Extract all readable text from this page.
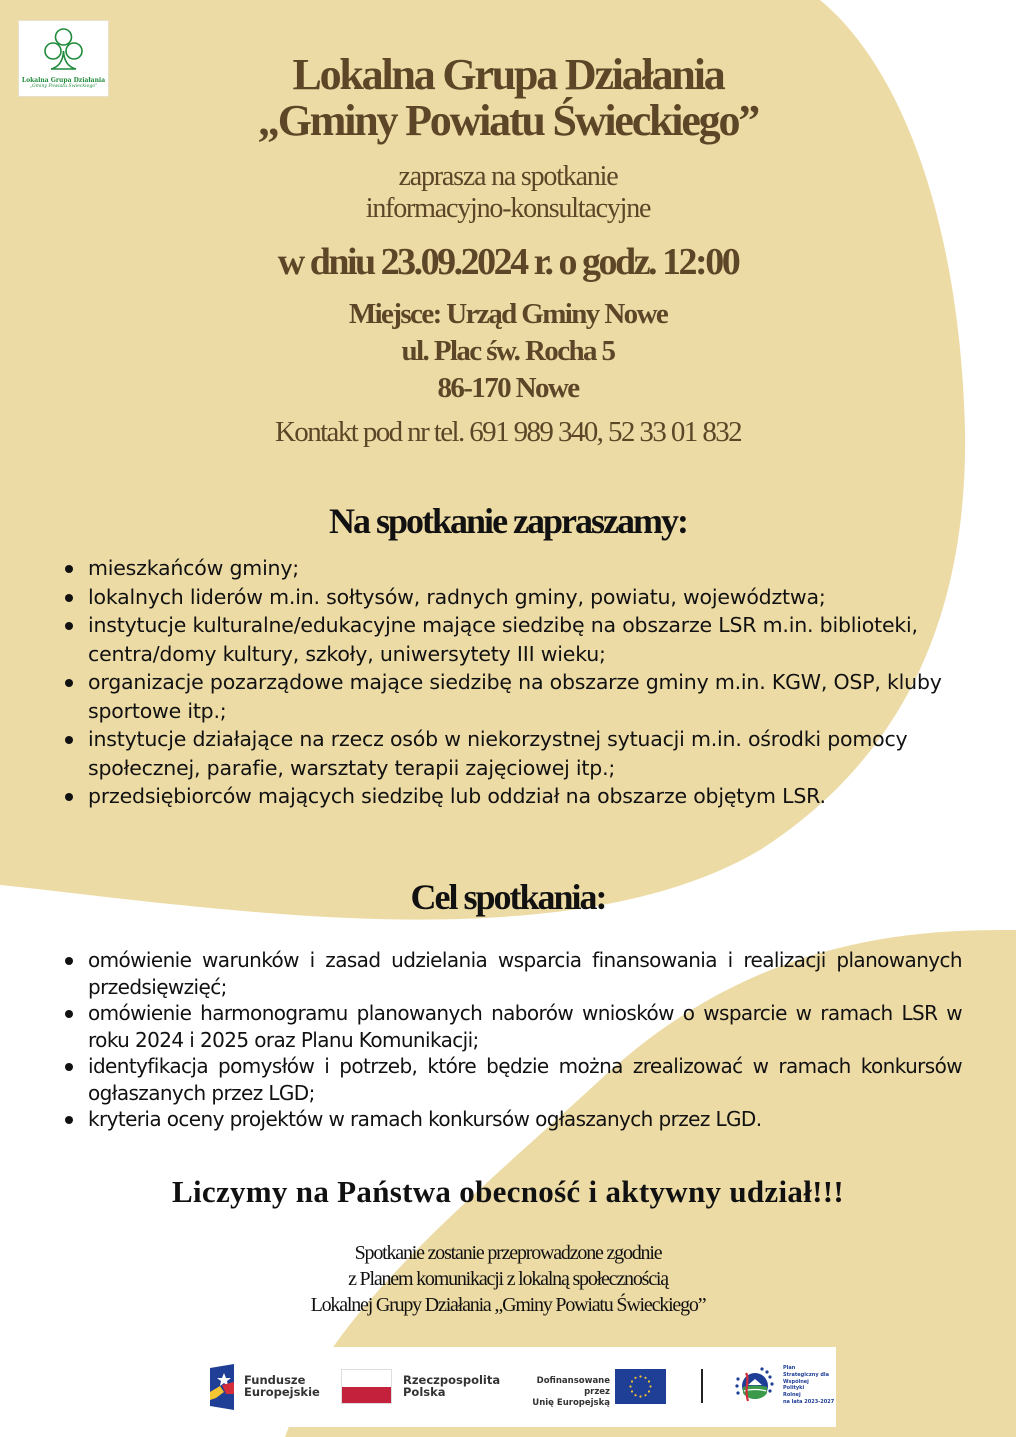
Lokalna Grupa Działania
„Gminy Powiatu Świeckiego”	Lokalna Grupa Działania
„Gminy Powiatu Świeckiego”
zaprasza na spotkanie
informacyjno-konsultacyjne
w dniu 23.09.2024 r. o godz. 12:00
Miejsce: Urząd Gminy Nowe
ul. Plac św. Rocha 5
86-170 Nowe
Kontakt pod nr tel. 691 989 340, 52 33 01 832
Na spotkanie zapraszamy:
mieszkańców gminy;
lokalnych liderów m.in. sołtysów, radnych gminy, powiatu, województwa;
instytucje kulturalne/edukacyjne mające siedzibę na obszarze LSR m.in. biblioteki, centra/domy kultury, szkoły, uniwersytety III wieku;
organizacje pozarządowe mające siedzibę na obszarze gminy m.in. KGW, OSP, kluby sportowe itp.;
instytucje działające na rzecz osób w niekorzystnej sytuacji m.in. ośrodki pomocy społecznej, parafie, warsztaty terapii zajęciowej itp.;
przedsiębiorców mających siedzibę lub oddział na obszarze objętym LSR.
Cel spotkania:
omówienie warunków i zasad udzielania wsparcia finansowania i realizacji planowanych przedsięwzięć;
omówienie harmonogramu planowanych naborów wniosków o wsparcie w ramach LSR w roku 2024 i 2025 oraz Planu Komunikacji;
identyfikacja pomysłów i potrzeb, które będzie można zrealizować w ramach konkursów ogłaszanych przez LGD;
kryteria oceny projektów w ramach konkursów ogłaszanych przez LGD.
Liczymy na Państwa obecność i aktywny udział!!!
Spotkanie zostanie przeprowadzone zgodnie
z Planem komunikacji z lokalną społecznością
Lokalnej Grupy Działania „Gminy Powiatu Świeckiego”
Fundusze
Europejskie
Rzeczpospolita
Polska
Dofinansowane przez
Unię Europejską
Plan
Strategiczny dla
Wspólnej
Polityki
Rolnej
na lata 2023-2027
